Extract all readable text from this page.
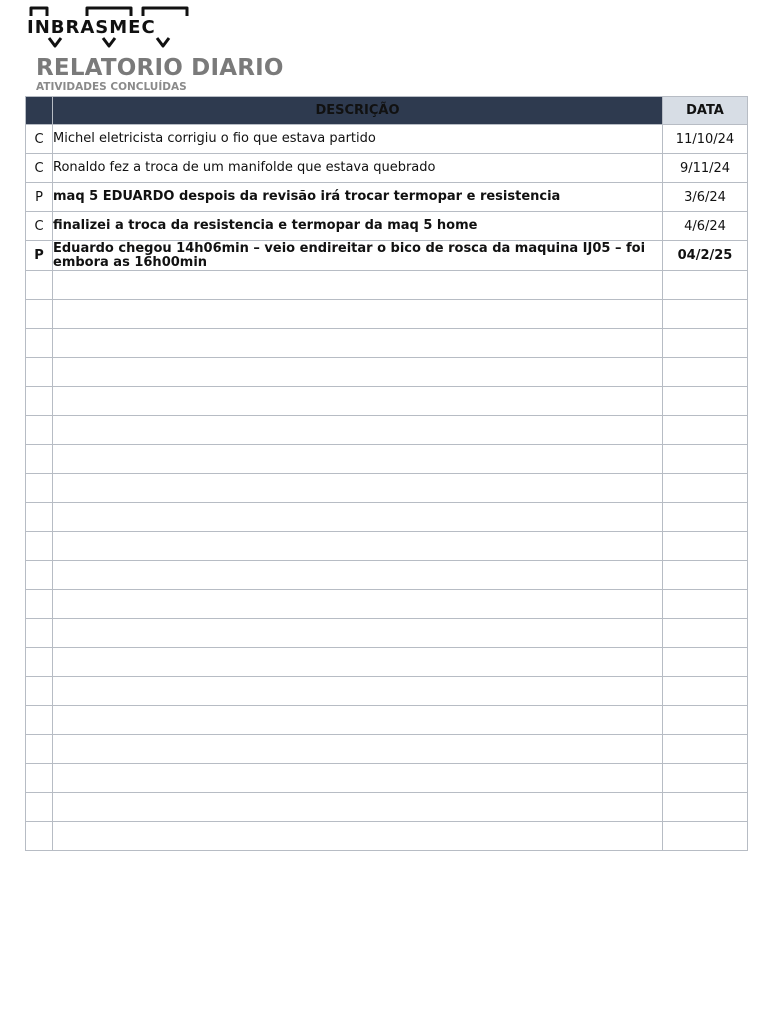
INBRASMEC
RELATORIO DIARIO
ATIVIDADES CONCLUÍDAS
	DESCRIÇÃO	DATA
C	Michel eletricista corrigiu o fio que estava partido	11/10/24
C	Ronaldo fez a troca de um manifolde que estava quebrado	9/11/24
P	maq 5 EDUARDO despois da revisão irá trocar termopar e resistencia	3/6/24
C	finalizei a troca da resistencia e termopar da maq 5 home	4/6/24
P	Eduardo chegou 14h06min – veio endireitar o bico de rosca da maquina IJ05 – foi embora as 16h00min	04/2/25
